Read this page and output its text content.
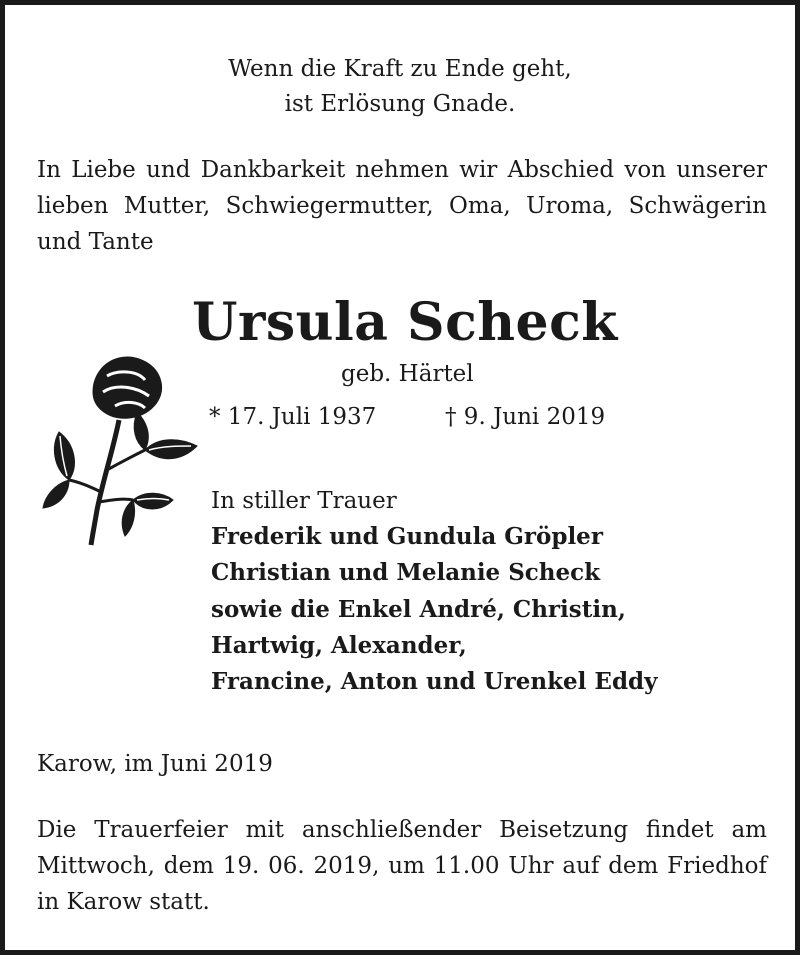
Wenn die Kraft zu Ende geht,
ist Erlösung Gnade.
In Liebe und Dankbarkeit nehmen wir Abschied von unserer lieben Mutter, Schwiegermutter, Oma, Uroma, Schwägerin und Tante
Ursula Scheck
geb. Härtel
* 17. Juli 1937	† 9. Juni 2019
In stiller Trauer
Frederik und Gundula Gröpler
Christian und Melanie Scheck
sowie die Enkel André, Christin,
Hartwig, Alexander,
Francine, Anton und Urenkel Eddy
Karow, im Juni 2019
Die Trauerfeier mit anschließender Beisetzung findet am Mittwoch, dem 19. 06. 2019, um 11.00 Uhr auf dem Friedhof in Karow statt.
